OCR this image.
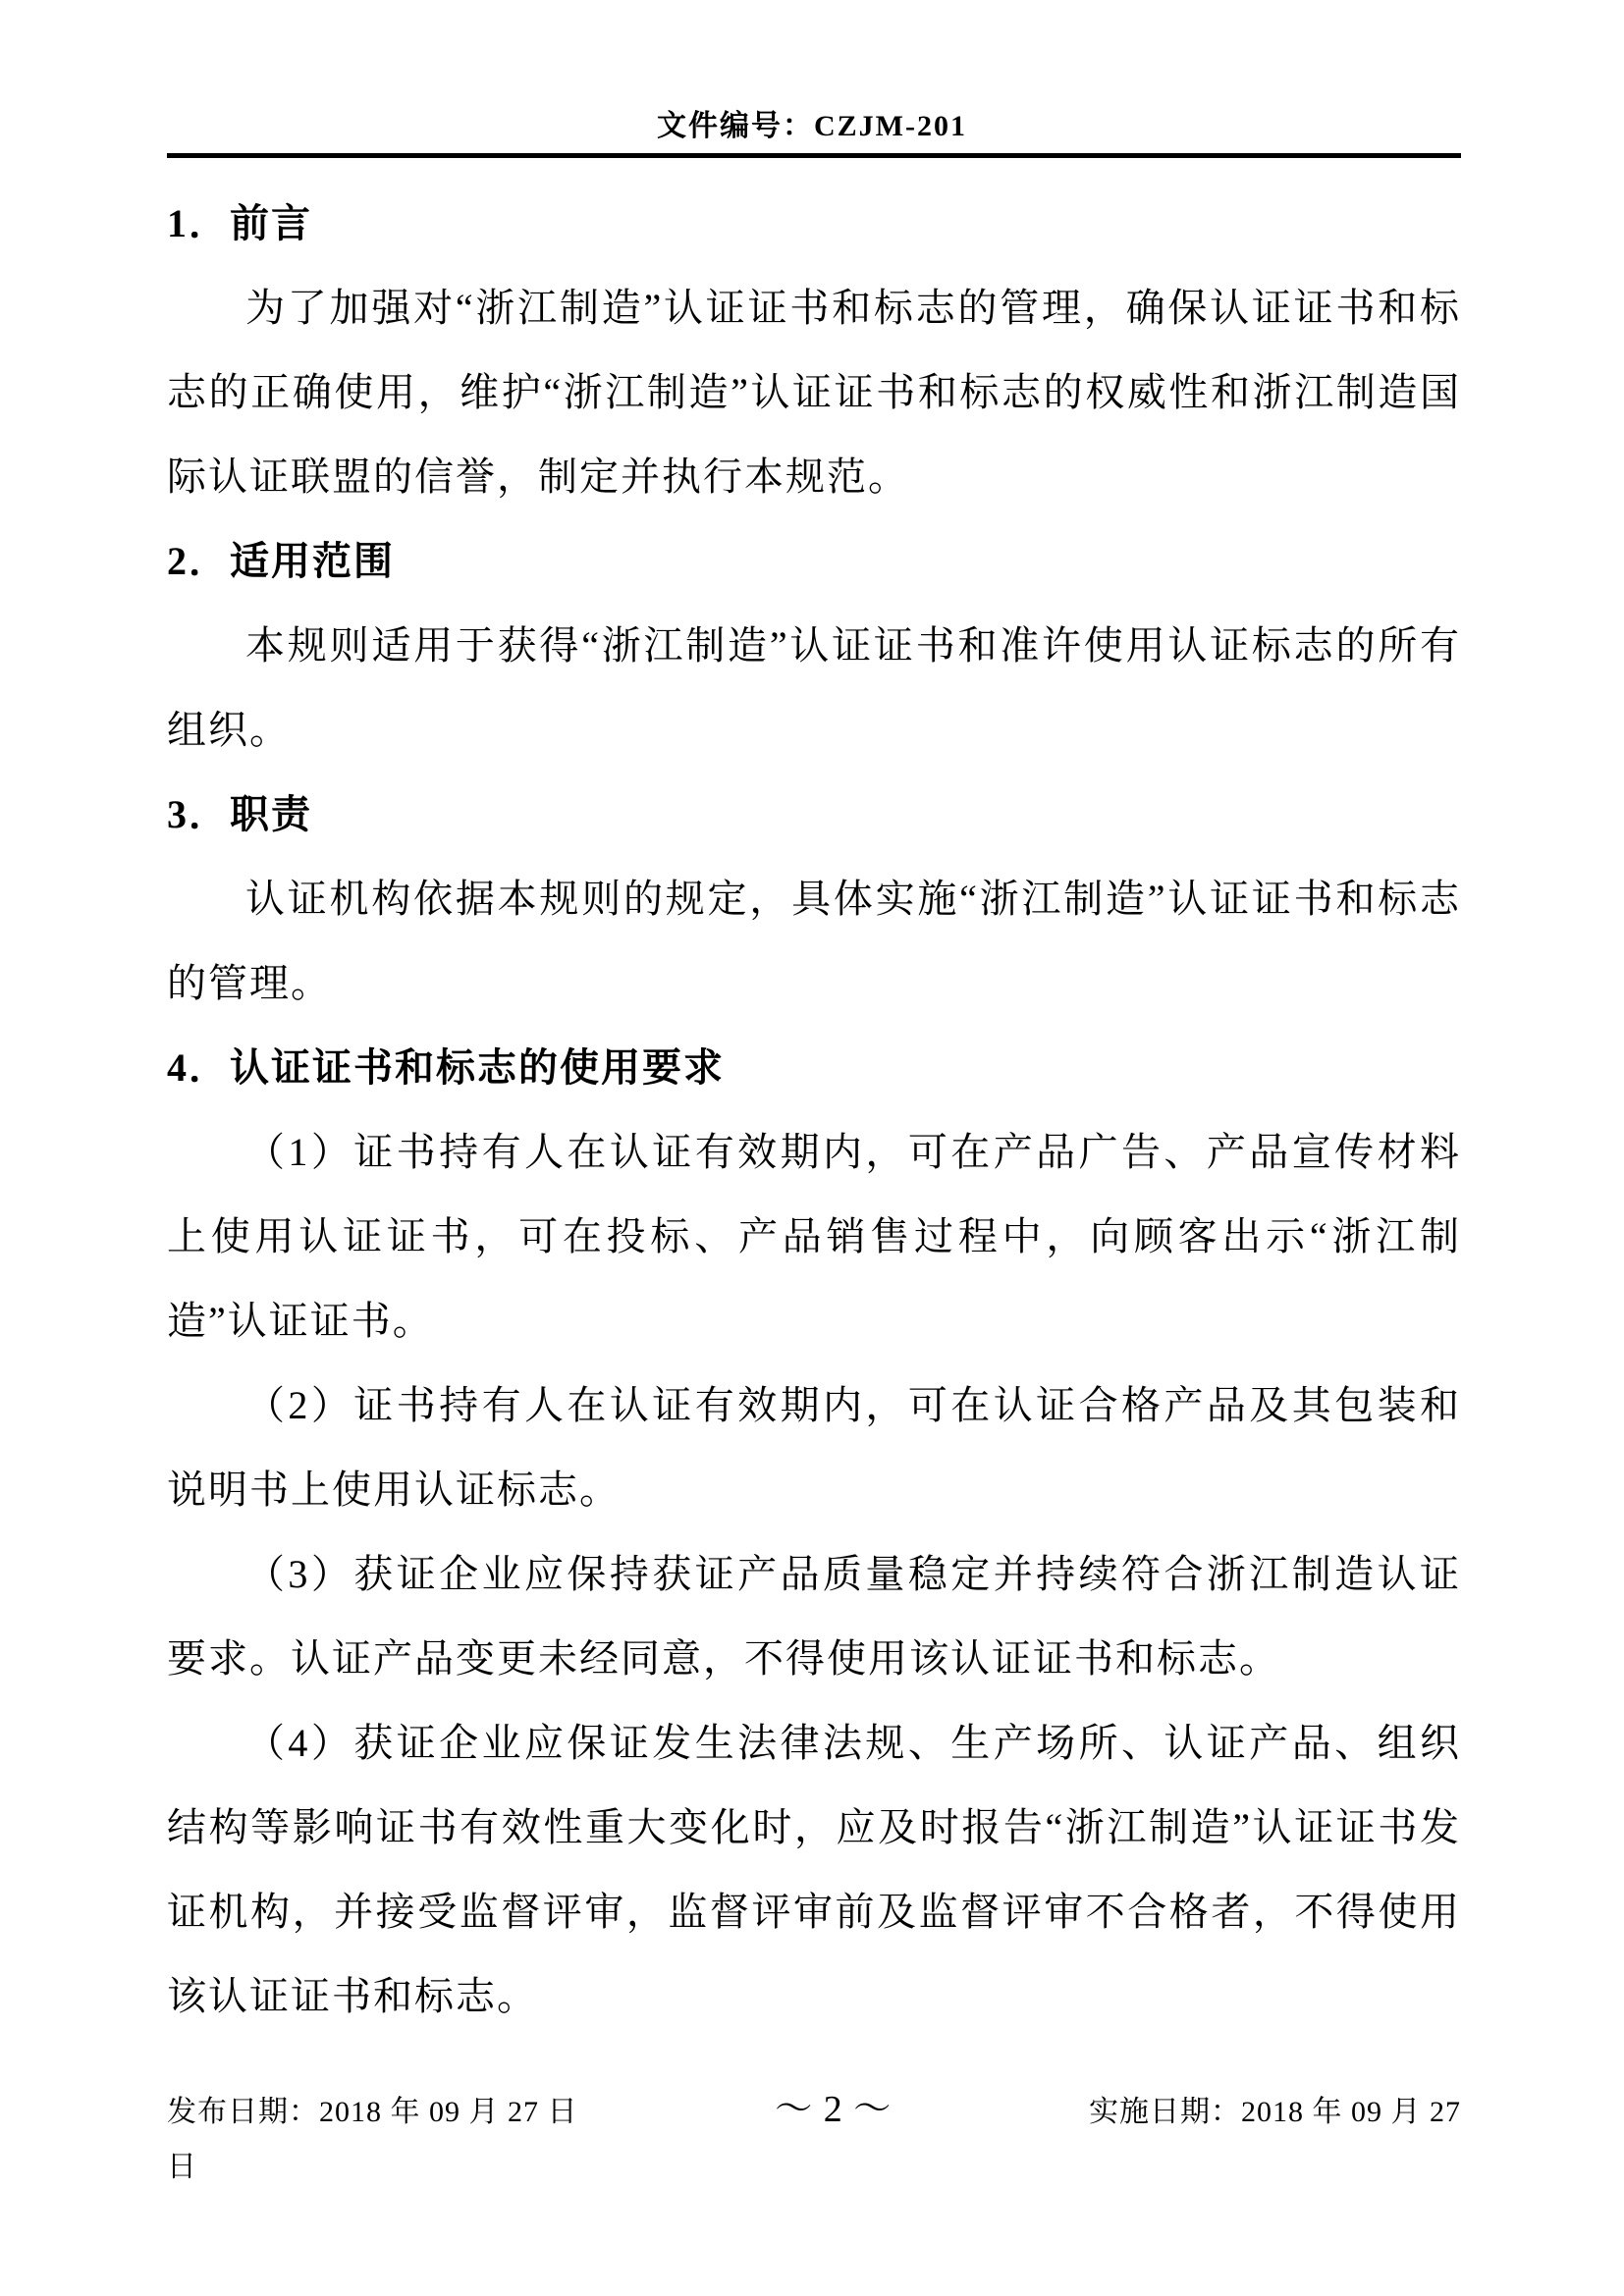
文件编号：CZJM-201
1．前言

为了加强对“浙江制造”认证证书和标志的管理，确保认证证书和标志的正确使用，维护“浙江制造”认证证书和标志的权威性和浙江制造国际认证联盟的信誉，制定并执行本规范。

2．适用范围

本规则适用于获得“浙江制造”认证证书和准许使用认证标志的所有组织。

3．职责

认证机构依据本规则的规定，具体实施“浙江制造”认证证书和标志的管理。

4．认证证书和标志的使用要求

（1）证书持有人在认证有效期内，可在产品广告、产品宣传材料上使用认证证书，可在投标、产品销售过程中，向顾客出示“浙江制造”认证证书。

（2）证书持有人在认证有效期内，可在认证合格产品及其包装和说明书上使用认证标志。

（3）获证企业应保持获证产品质量稳定并持续符合浙江制造认证要求。认证产品变更未经同意，不得使用该认证证书和标志。

（4）获证企业应保证发生法律法规、生产场所、认证产品、组织结构等影响证书有效性重大变化时，应及时报告“浙江制造”认证证书发证机构，并接受监督评审，监督评审前及监督评审不合格者，不得使用该认证证书和标志。

发布日期：2018 年 09 月 27 日	～ 2 ～	实施日期：2018 年 09 月 27
日
